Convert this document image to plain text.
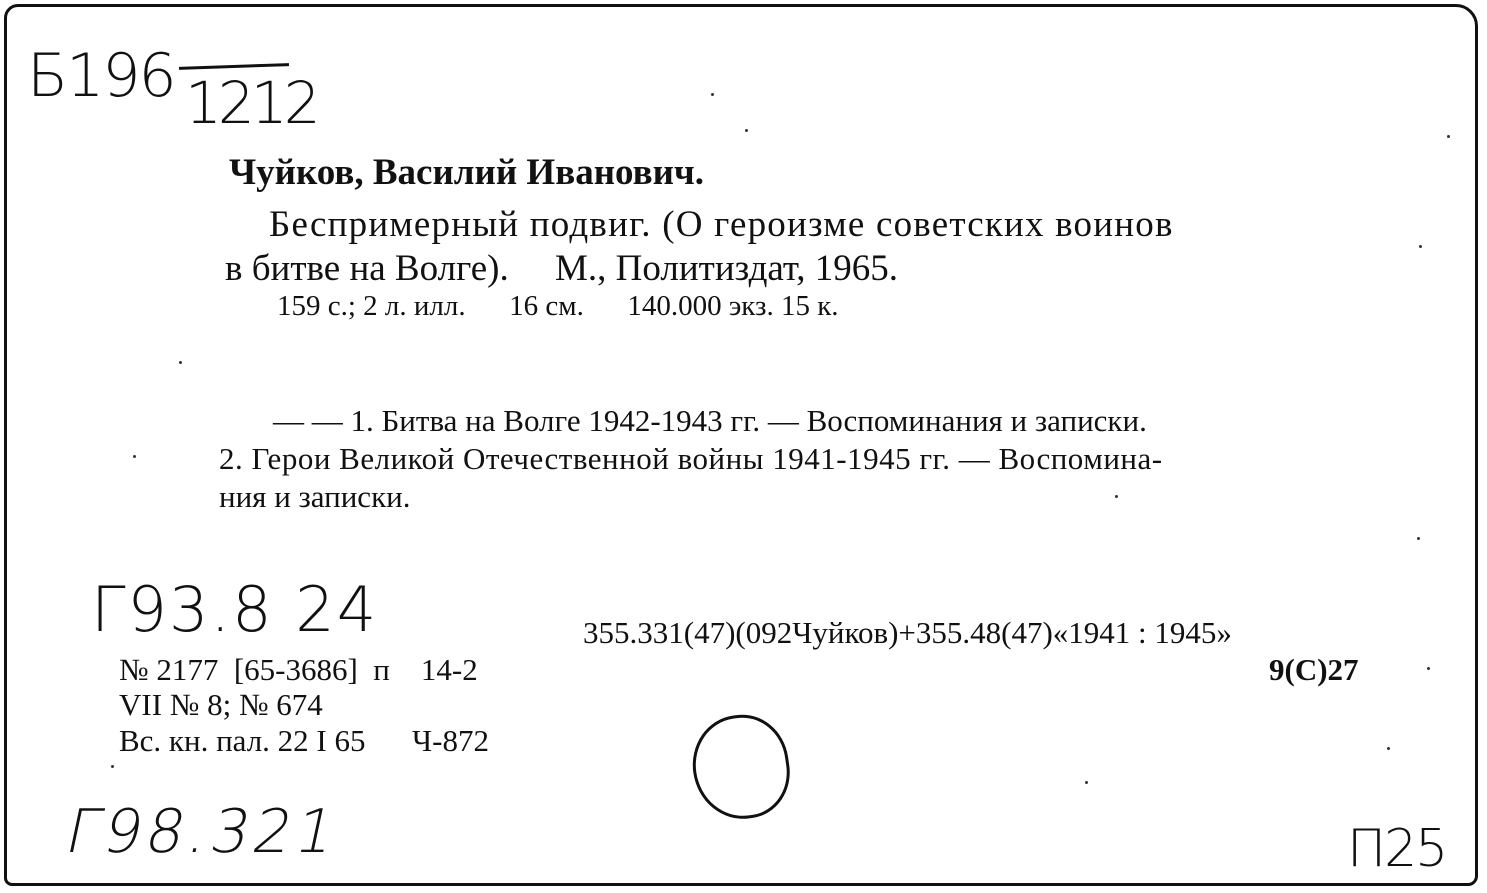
Б196 1212
Чуйков, Василий Иванович.
Беспримерный подвиг. (О героизме советских воинов
в битве на Волге).     М., Политиздат, 1965.
159 с.; 2 л. илл.      16 см.      140.000 экз. 15 к.
— — 1. Битва на Волге 1942-1943 гг. — Воспоминания и записки.
2. Герои Великой Отечественной войны 1941-1945 гг. — Воспомина-
ния и записки.
Г93.8 24	355.331(47)(092Чуйков)+355.48(47)«1941 : 1945»
9(С)27
№ 2177  [65-3686]  п    14-2
VII № 8; № 674
Вс. кн. пал. 22 I 65      Ч-872
Г98.321	П25
